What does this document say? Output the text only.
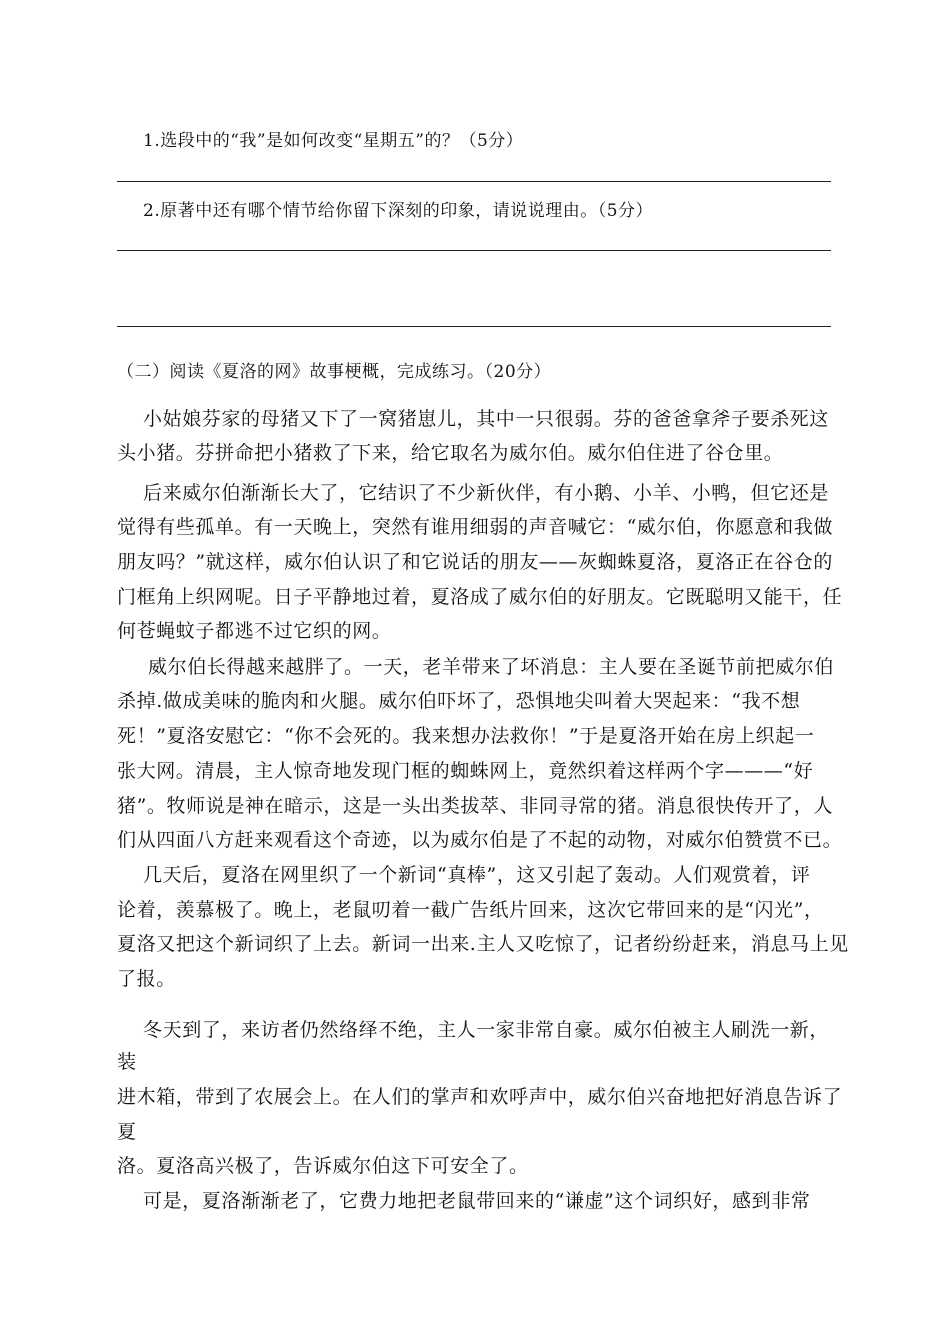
1.选段中的“我”是如何改变“星期五”的？（5分）
2.原著中还有哪个情节给你留下深刻的印象，请说说理由。（5分）
（二）阅读《夏洛的网》故事梗概，完成练习。（20分）
小姑娘芬家的母猪又下了一窝猪崽儿，其中一只很弱。芬的爸爸拿斧子要杀死这
头小猪。芬拼命把小猪救了下来，给它取名为威尔伯。威尔伯住进了谷仓里。
后来威尔伯渐渐长大了，它结识了不少新伙伴，有小鹅、小羊、小鸭，但它还是
觉得有些孤单。有一天晚上，突然有谁用细弱的声音喊它：“威尔伯，你愿意和我做
朋友吗？”就这样，威尔伯认识了和它说话的朋友——灰蜘蛛夏洛，夏洛正在谷仓的
门框角上织网呢。日子平静地过着，夏洛成了威尔伯的好朋友。它既聪明又能干，任
何苍蝇蚊子都逃不过它织的网。
威尔伯长得越来越胖了。一天，老羊带来了坏消息：主人要在圣诞节前把威尔伯
杀掉.做成美味的脆肉和火腿。威尔伯吓坏了，恐惧地尖叫着大哭起来：“我不想
死！”夏洛安慰它：“你不会死的。我来想办法救你！”于是夏洛开始在房上织起一
张大网。清晨，主人惊奇地发现门框的蜘蛛网上，竟然织着这样两个字———“好
猪”。牧师说是神在暗示，这是一头出类拔萃、非同寻常的猪。消息很快传开了，人
们从四面八方赶来观看这个奇迹，以为威尔伯是了不起的动物，对威尔伯赞赏不已。
几天后，夏洛在网里织了一个新词“真棒”，这又引起了轰动。人们观赏着，评
论着，羡慕极了。晚上，老鼠叨着一截广告纸片回来，这次它带回来的是“闪光”，
夏洛又把这个新词织了上去。新词一出来.主人又吃惊了，记者纷纷赶来，消息马上见
了报。
冬天到了，来访者仍然络绎不绝，主人一家非常自豪。威尔伯被主人刷洗一新，
装
进木箱，带到了农展会上。在人们的掌声和欢呼声中，威尔伯兴奋地把好消息告诉了
夏
洛。夏洛高兴极了，告诉威尔伯这下可安全了。
可是，夏洛渐渐老了，它费力地把老鼠带回来的“谦虚”这个词织好，感到非常
